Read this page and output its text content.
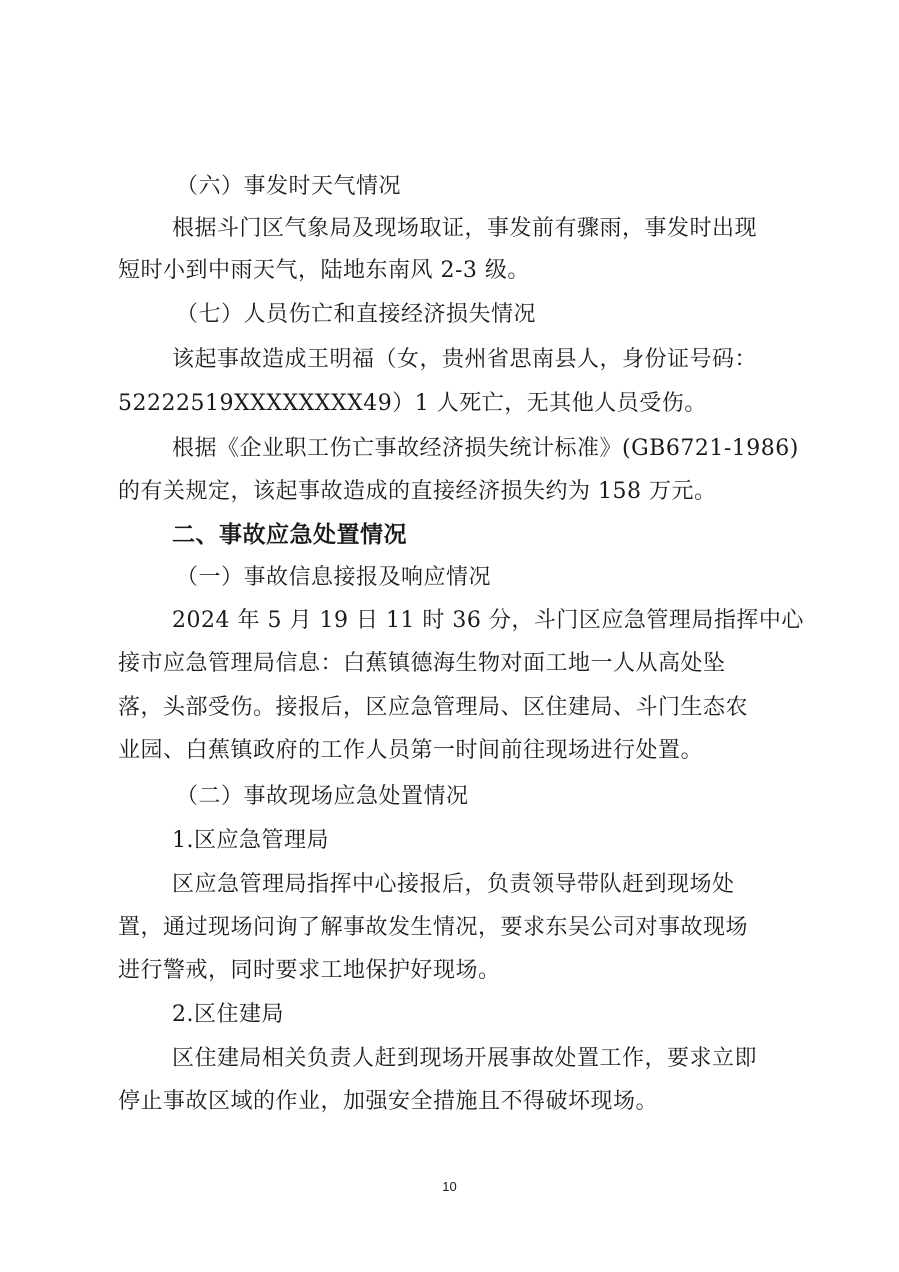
（六）事发时天气情况
根据斗门区气象局及现场取证，事发前有骤雨，事发时出现
短时小到中雨天气，陆地东南风 2-3 级。
（七）人员伤亡和直接经济损失情况
该起事故造成王明福（女，贵州省思南县人，身份证号码：
52222519XXXXXXXX49）1 人死亡，无其他人员受伤。
根据《企业职工伤亡事故经济损失统计标准》(GB6721-1986)
的有关规定，该起事故造成的直接经济损失约为 158 万元。
二、事故应急处置情况
（一）事故信息接报及响应情况
2024 年 5 月 19 日 11 时 36 分，斗门区应急管理局指挥中心
接市应急管理局信息：白蕉镇德海生物对面工地一人从高处坠
落，头部受伤。接报后，区应急管理局、区住建局、斗门生态农
业园、白蕉镇政府的工作人员第一时间前往现场进行处置。
（二）事故现场应急处置情况
1.区应急管理局
区应急管理局指挥中心接报后，负责领导带队赶到现场处
置，通过现场问询了解事故发生情况，要求东吴公司对事故现场
进行警戒，同时要求工地保护好现场。
2.区住建局
区住建局相关负责人赶到现场开展事故处置工作，要求立即
停止事故区域的作业，加强安全措施且不得破坏现场。
10
